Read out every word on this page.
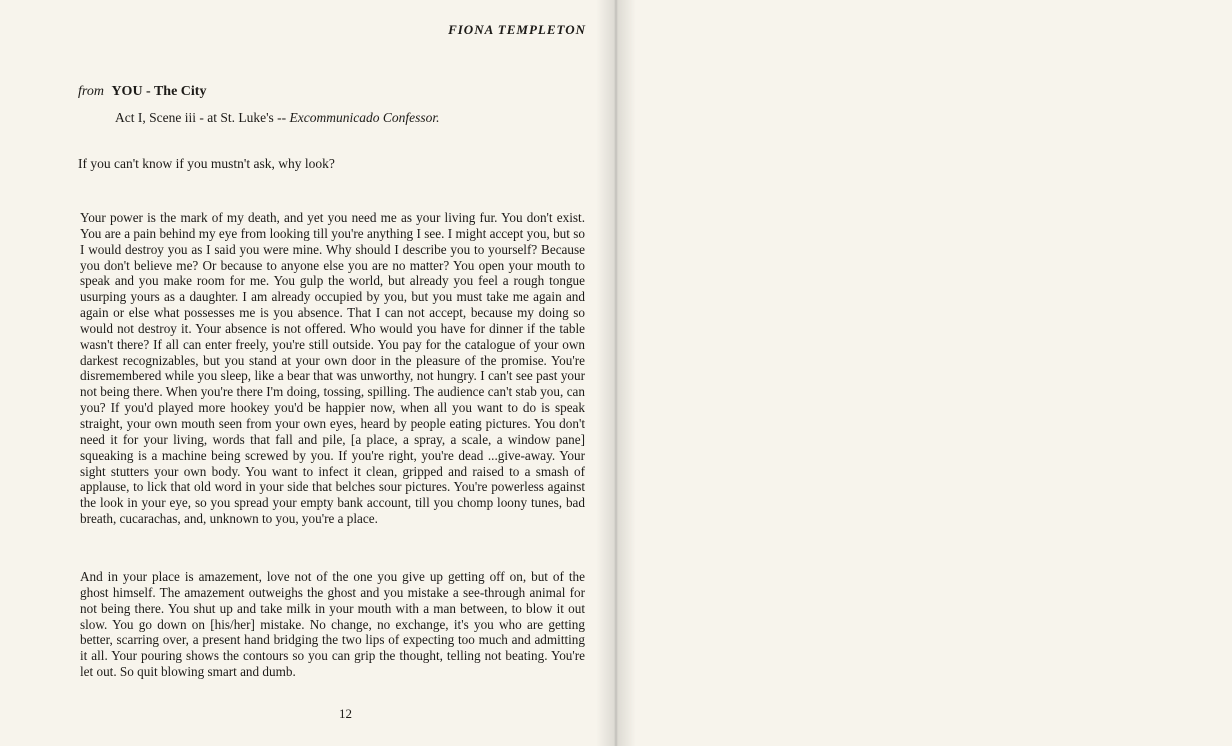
FIONA TEMPLETON
from YOU - The City
Act I, Scene iii - at St. Luke's -- Excommunicado Confessor.
If you can't know if you mustn't ask, why look?

Your power is the mark of my death, and yet you need me as your living fur. You don't exist. You are a pain behind my eye from looking till you're anything I see. I might accept you, but so I would destroy you as I said you were mine. Why should I describe you to yourself? Because you don't believe me? Or because to anyone else you are no matter? You open your mouth to speak and you make room for me. You gulp the world, but already you feel a rough tongue usurping yours as a daughter. I am already occupied by you, but you must take me again and again or else what possesses me is you absence. That I can not accept, because my doing so would not destroy it. Your absence is not offered. Who would you have for dinner if the table wasn't there? If all can enter freely, you're still outside. You pay for the catalogue of your own darkest recognizables, but you stand at your own door in the pleasure of the promise. You're disremembered while you sleep, like a bear that was unworthy, not hungry. I can't see past your not being there. When you're there I'm doing, tossing, spilling. The audience can't stab you, can you? If you'd played more hookey you'd be happier now, when all you want to do is speak straight, your own mouth seen from your own eyes, heard by people eating pictures. You don't need it for your living, words that fall and pile, [a place, a spray, a scale, a window pane] squeaking is a machine being screwed by you. If you're right, you're dead ...give-away. Your sight stutters your own body. You want to infect it clean, gripped and raised to a smash of applause, to lick that old word in your side that belches sour pictures. You're powerless against the look in your eye, so you spread your empty bank account, till you chomp loony tunes, bad breath, cucarachas, and, unknown to you, you're a place.

And in your place is amazement, love not of the one you give up getting off on, but of the ghost himself. The amazement outweighs the ghost and you mistake a see-through animal for not being there. You shut up and take milk in your mouth with a man between, to blow it out slow. You go down on [his/her] mistake. No change, no exchange, it's you who are getting better, scarring over, a present hand bridging the two lips of expecting too much and admitting it all. Your pouring shows the contours so you can grip the thought, telling not beating. You're let out. So quit blowing smart and dumb.

12
